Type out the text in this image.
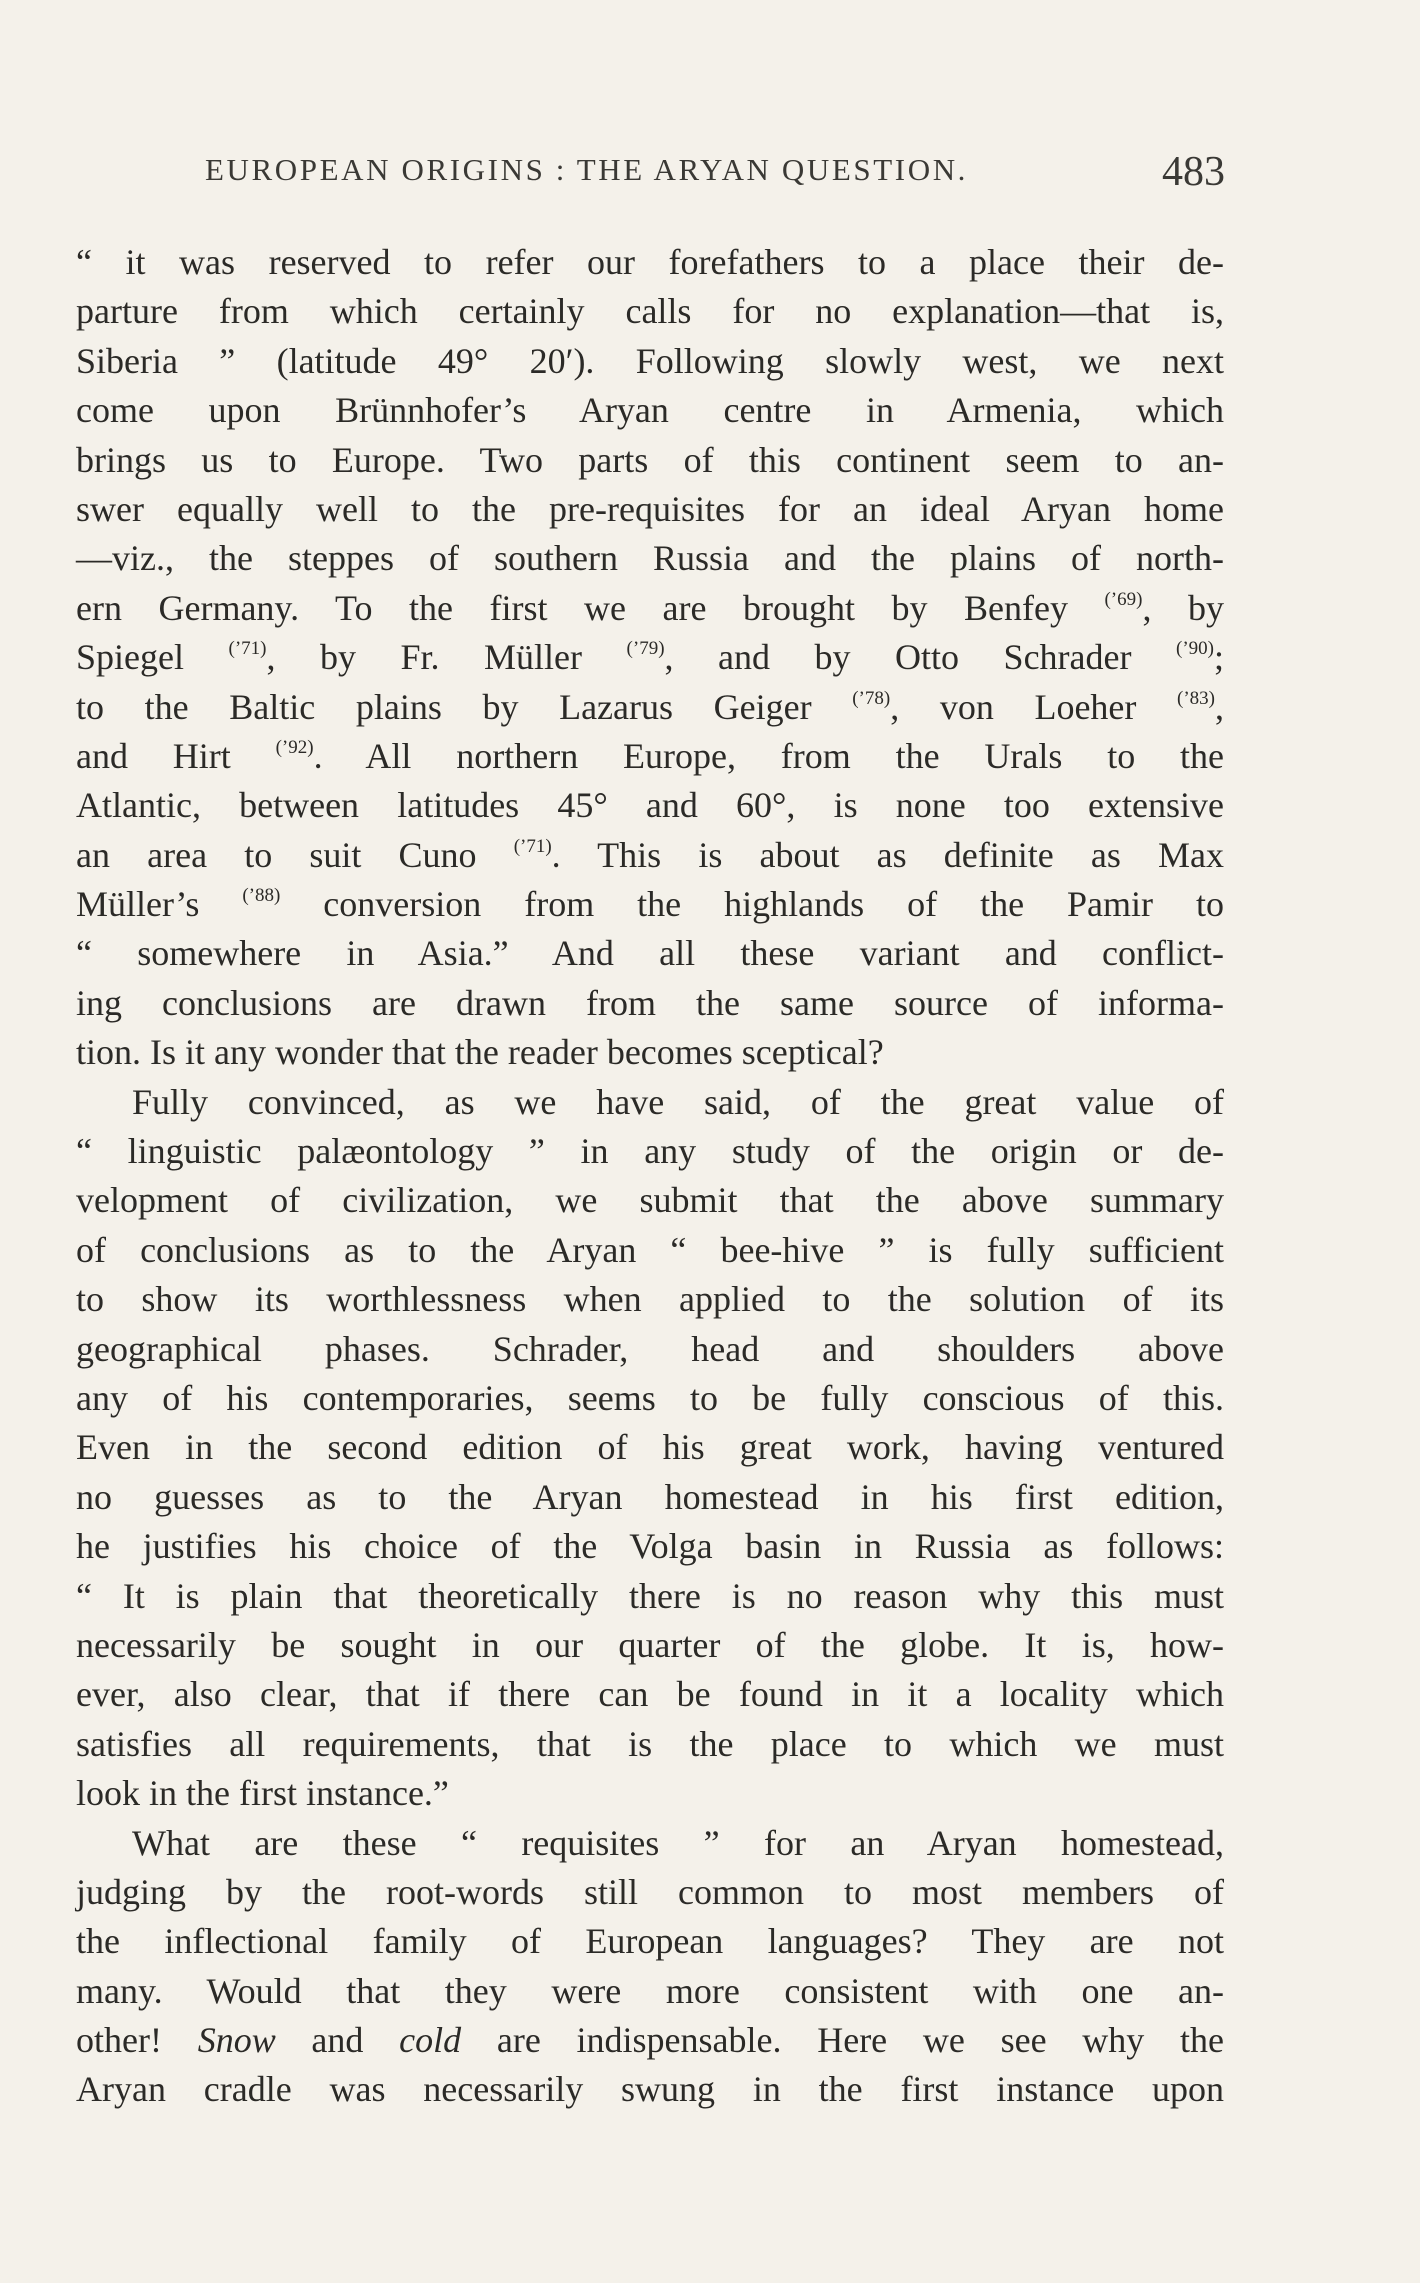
EUROPEAN ORIGINS : THE ARYAN QUESTION.	483
“ it was reserved to refer our forefathers to a place their de-
parture from which certainly calls for no explanation—that is,
Siberia ” (latitude 49° 20′). Following slowly west, we next
come upon Brünnhofer’s Aryan centre in Armenia, which
brings us to Europe. Two parts of this continent seem to an-
swer equally well to the pre-requisites for an ideal Aryan home
—viz., the steppes of southern Russia and the plains of north-
ern Germany. To the first we are brought by Benfey $^{(’69)}$, by
Spiegel $^{(’71)}$, by Fr. Müller $^{(’79)}$, and by Otto Schrader $^{(’90)}$;
to the Baltic plains by Lazarus Geiger $^{(’78)}$, von Loeher $^{(’83)}$,
and Hirt $^{(’92)}$. All northern Europe, from the Urals to the
Atlantic, between latitudes 45° and 60°, is none too extensive
an area to suit Cuno $^{(’71)}$. This is about as definite as Max
Müller’s $^{(’88)}$ conversion from the highlands of the Pamir to
“ somewhere in Asia.” And all these variant and conflict-
ing conclusions are drawn from the same source of informa-
tion. Is it any wonder that the reader becomes sceptical?
Fully convinced, as we have said, of the great value of
“ linguistic palæontology ” in any study of the origin or de-
velopment of civilization, we submit that the above summary
of conclusions as to the Aryan “ bee-hive ” is fully sufficient
to show its worthlessness when applied to the solution of its
geographical phases. Schrader, head and shoulders above
any of his contemporaries, seems to be fully conscious of this.
Even in the second edition of his great work, having ventured
no guesses as to the Aryan homestead in his first edition,
he justifies his choice of the Volga basin in Russia as follows:
“ It is plain that theoretically there is no reason why this must
necessarily be sought in our quarter of the globe. It is, how-
ever, also clear, that if there can be found in it a locality which
satisfies all requirements, that is the place to which we must
look in the first instance.”
What are these “ requisites ” for an Aryan homestead,
judging by the root-words still common to most members of
the inflectional family of European languages? They are not
many. Would that they were more consistent with one an-
other! Snow and cold are indispensable. Here we see why the
Aryan cradle was necessarily swung in the first instance upon
